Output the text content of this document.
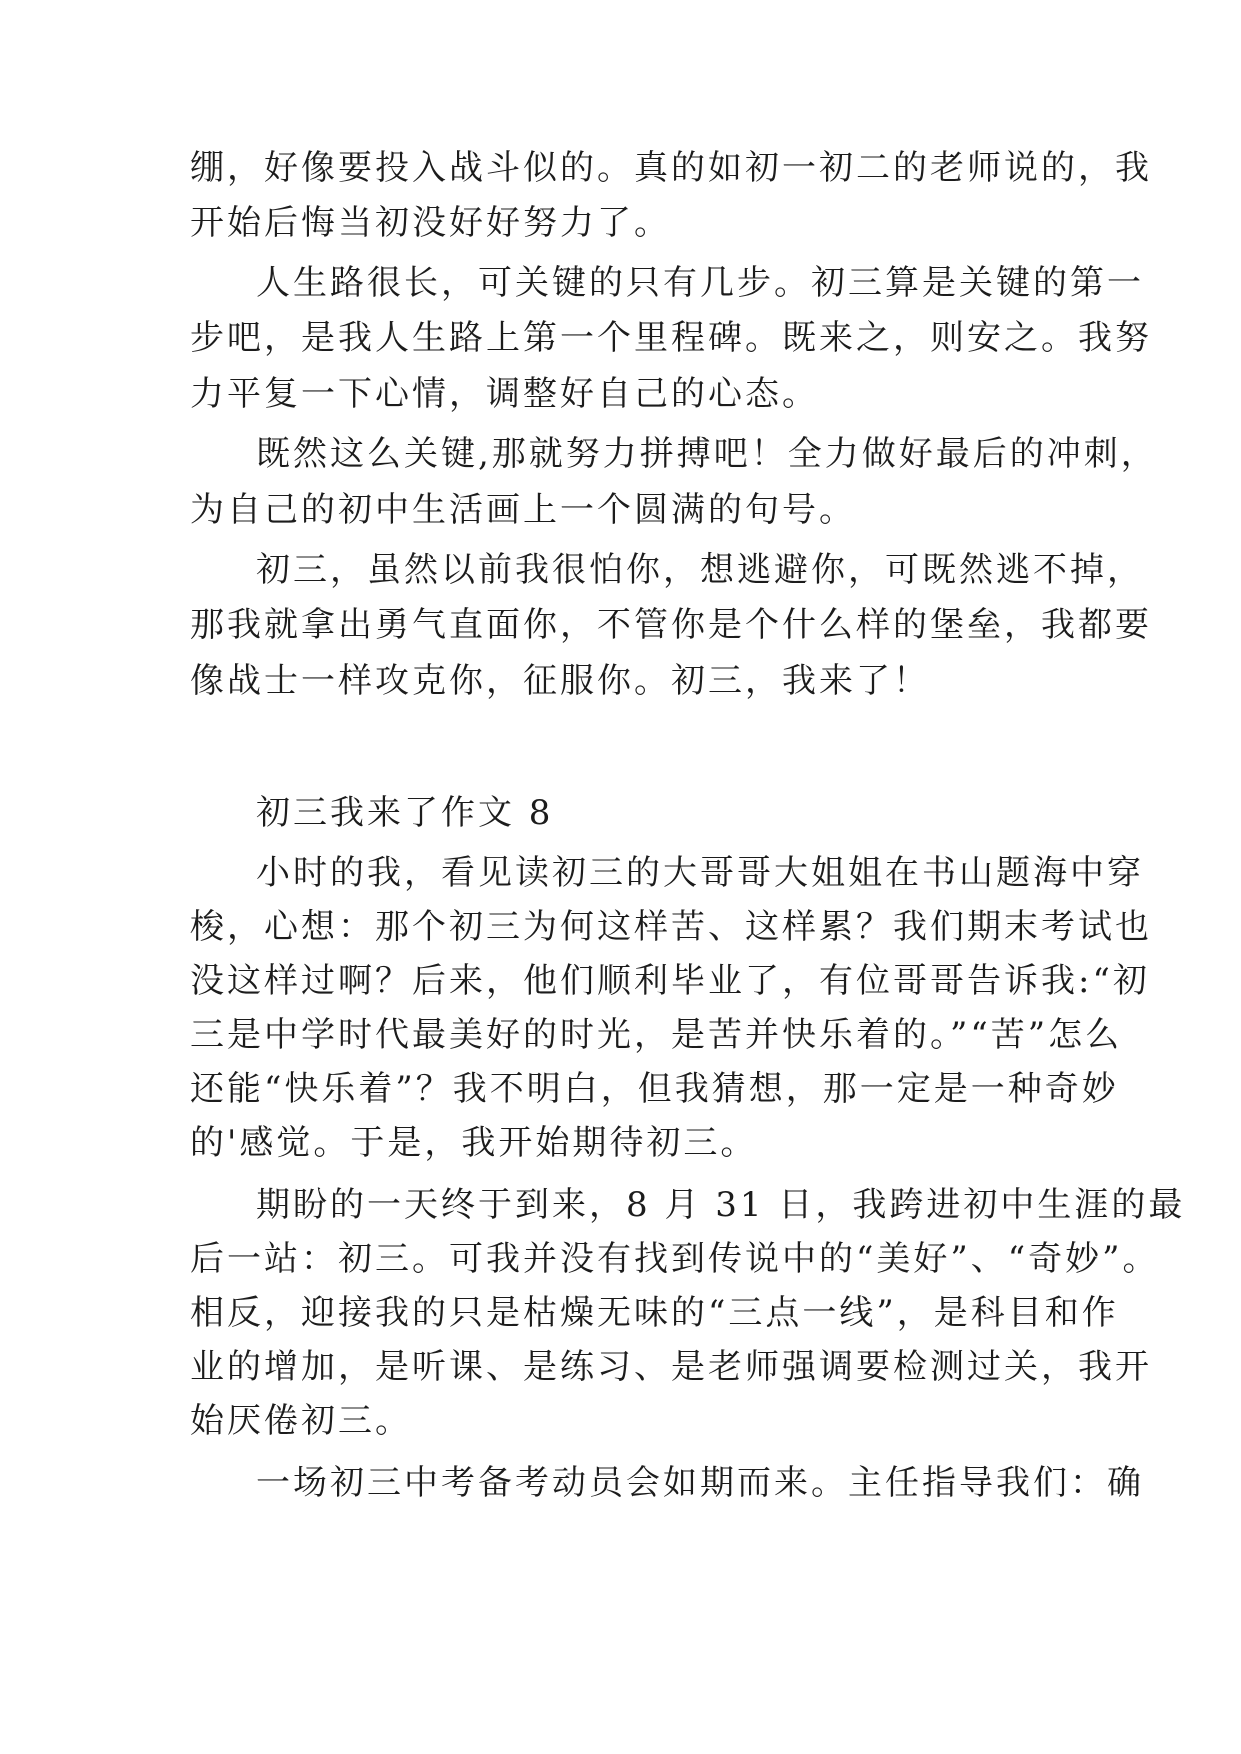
绷，好像要投入战斗似的。真的如初一初二的老师说的，我

开始后悔当初没好好努力了。

人生路很长，可关键的只有几步。初三算是关键的第一

步吧，是我人生路上第一个里程碑。既来之，则安之。我努

力平复一下心情，调整好自己的心态。

既然这么关键,那就努力拼搏吧！全力做好最后的冲刺，

为自己的初中生活画上一个圆满的句号。

初三，虽然以前我很怕你，想逃避你，可既然逃不掉，

那我就拿出勇气直面你，不管你是个什么样的堡垒，我都要

像战士一样攻克你，征服你。初三，我来了！

初三我来了作文 8

小时的我，看见读初三的大哥哥大姐姐在书山题海中穿

梭，心想：那个初三为何这样苦、这样累？我们期末考试也

没这样过啊？后来，他们顺利毕业了，有位哥哥告诉我:“初

三是中学时代最美好的时光，是苦并快乐着的。”“苦”怎么

还能“快乐着”？我不明白，但我猜想，那一定是一种奇妙

的'感觉。于是，我开始期待初三。

期盼的一天终于到来，8 月 31 日，我跨进初中生涯的最

后一站：初三。可我并没有找到传说中的“美好”、“奇妙”。

相反，迎接我的只是枯燥无味的“三点一线”，是科目和作

业的增加，是听课、是练习、是老师强调要检测过关，我开

始厌倦初三。

一场初三中考备考动员会如期而来。主任指导我们：确
